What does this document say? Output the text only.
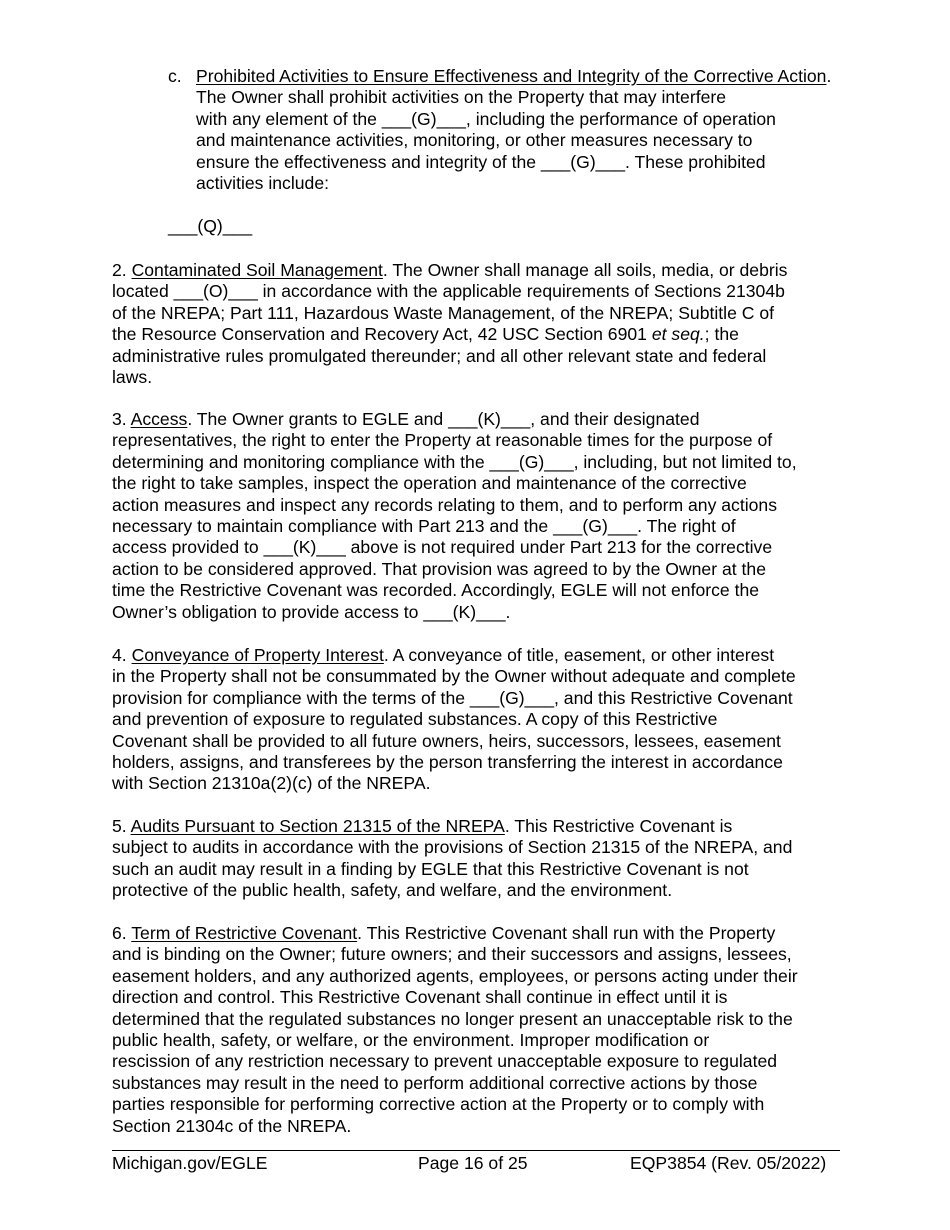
c. Prohibited Activities to Ensure Effectiveness and Integrity of the Corrective Action. The Owner shall prohibit activities on the Property that may interfere
with any element of the ___(G)___, including the performance of operation
and maintenance activities, monitoring, or other measures necessary to
ensure the effectiveness and integrity of the ___(G)___. These prohibited
activities include:

___(Q)___

2. Contaminated Soil Management. The Owner shall manage all soils, media, or debris
located ___(O)___ in accordance with the applicable requirements of Sections 21304b
of the NREPA; Part 111, Hazardous Waste Management, of the NREPA; Subtitle C of
the Resource Conservation and Recovery Act, 42 USC Section 6901 et seq.; the
administrative rules promulgated thereunder; and all other relevant state and federal
laws.

3. Access. The Owner grants to EGLE and ___(K)___, and their designated
representatives, the right to enter the Property at reasonable times for the purpose of
determining and monitoring compliance with the ___(G)___, including, but not limited to,
the right to take samples, inspect the operation and maintenance of the corrective
action measures and inspect any records relating to them, and to perform any actions
necessary to maintain compliance with Part 213 and the ___(G)___. The right of
access provided to ___(K)___ above is not required under Part 213 for the corrective
action to be considered approved. That provision was agreed to by the Owner at the
time the Restrictive Covenant was recorded. Accordingly, EGLE will not enforce the
Owner’s obligation to provide access to ___(K)___.

4. Conveyance of Property Interest. A conveyance of title, easement, or other interest
in the Property shall not be consummated by the Owner without adequate and complete
provision for compliance with the terms of the ___(G)___, and this Restrictive Covenant
and prevention of exposure to regulated substances. A copy of this Restrictive
Covenant shall be provided to all future owners, heirs, successors, lessees, easement
holders, assigns, and transferees by the person transferring the interest in accordance
with Section 21310a(2)(c) of the NREPA.

5. Audits Pursuant to Section 21315 of the NREPA. This Restrictive Covenant is
subject to audits in accordance with the provisions of Section 21315 of the NREPA, and
such an audit may result in a finding by EGLE that this Restrictive Covenant is not
protective of the public health, safety, and welfare, and the environment.

6. Term of Restrictive Covenant. This Restrictive Covenant shall run with the Property
and is binding on the Owner; future owners; and their successors and assigns, lessees,
easement holders, and any authorized agents, employees, or persons acting under their
direction and control. This Restrictive Covenant shall continue in effect until it is
determined that the regulated substances no longer present an unacceptable risk to the
public health, safety, or welfare, or the environment. Improper modification or
rescission of any restriction necessary to prevent unacceptable exposure to regulated
substances may result in the need to perform additional corrective actions by those
parties responsible for performing corrective action at the Property or to comply with
Section 21304c of the NREPA.

Michigan.gov/EGLE	Page 16 of 25	EQP3854 (Rev. 05/2022)
